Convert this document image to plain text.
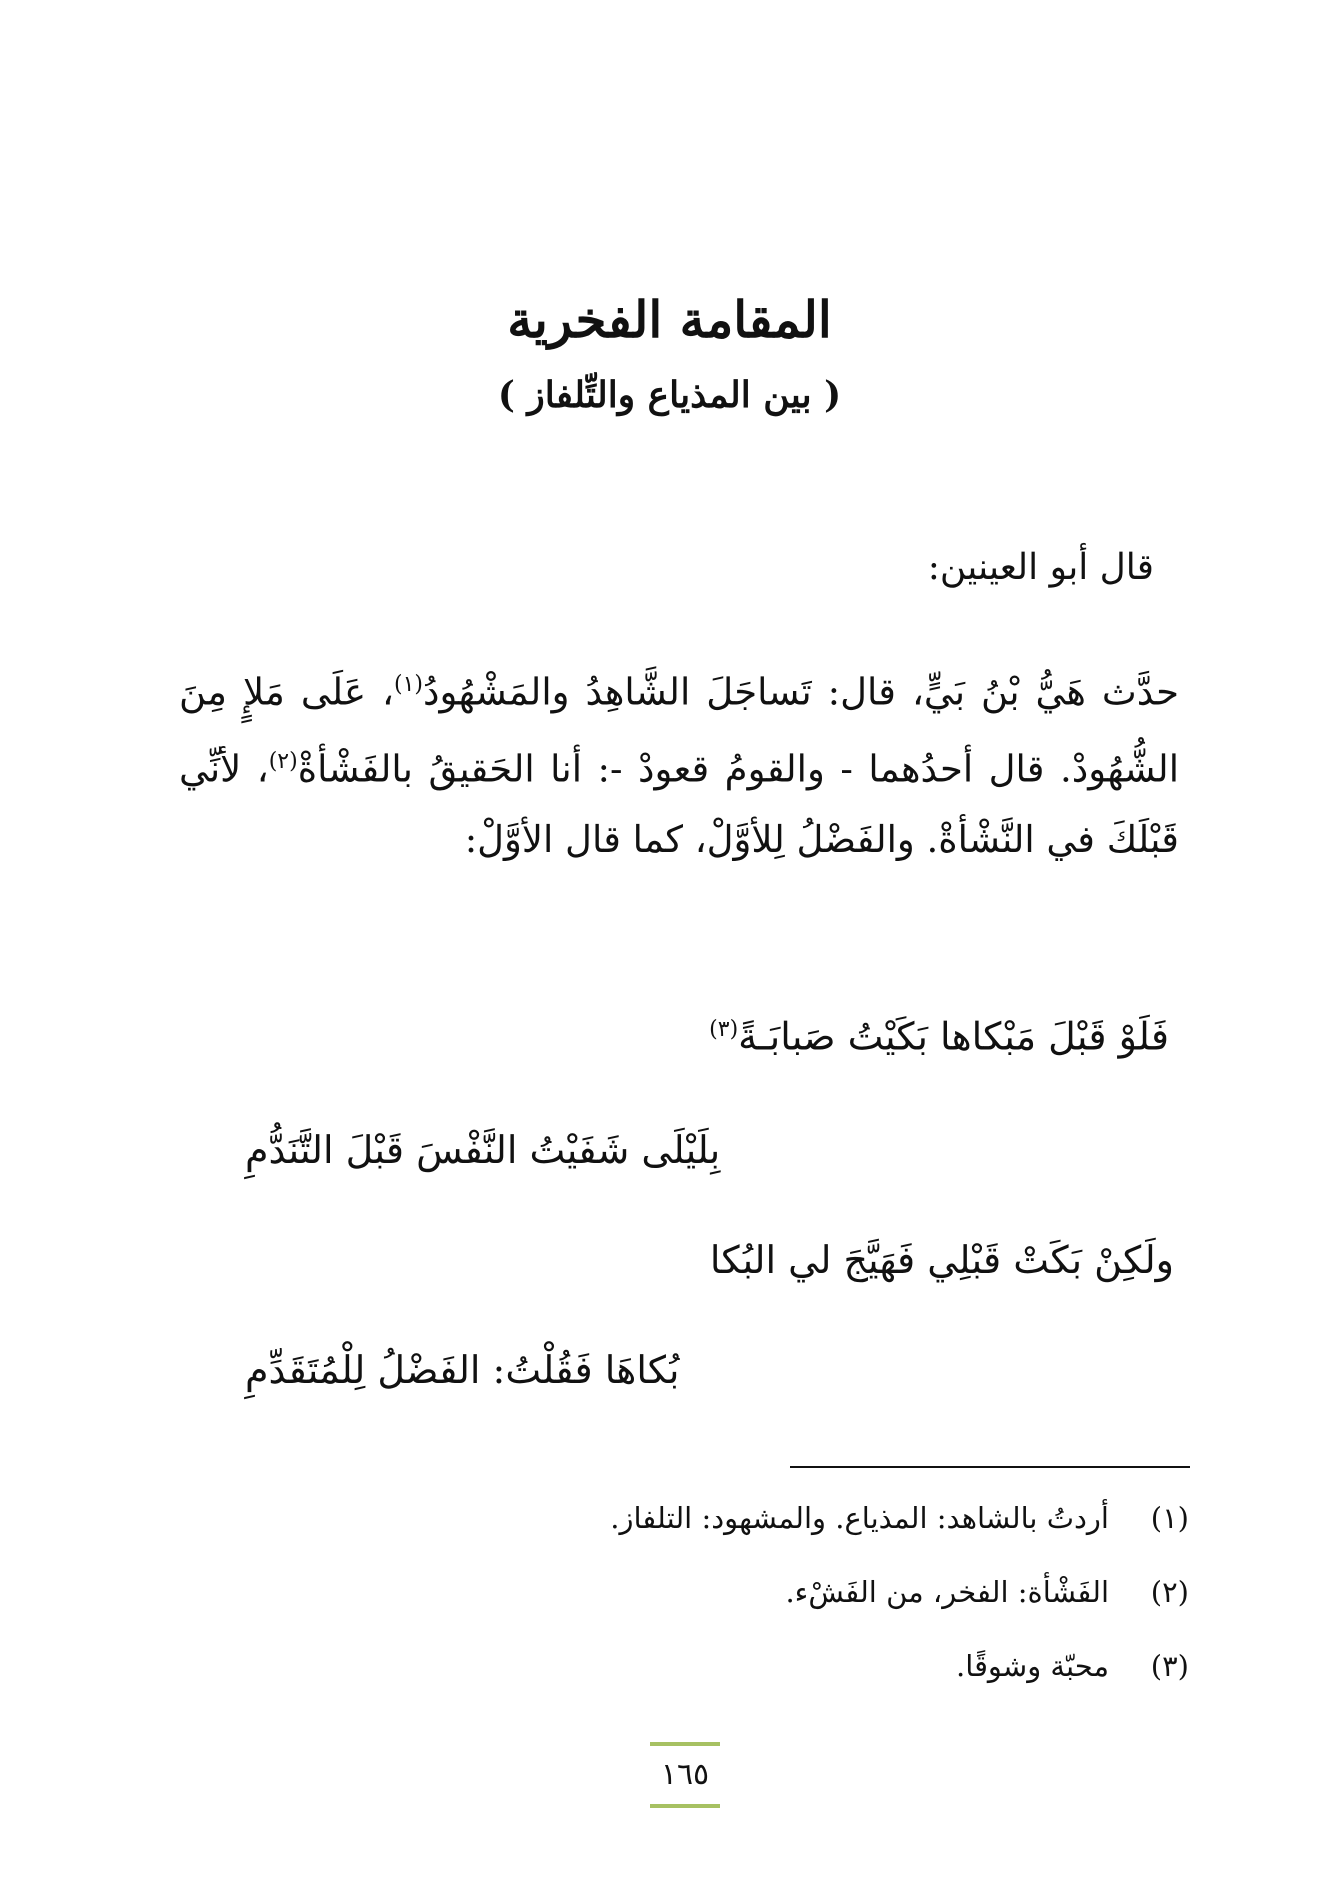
المقامة الفخرية
( بين المذياع والتِّلفاز )
قال أبو العينين:
حدَّث هَيُّ بْنُ بَيٍّ، قال: تَساجَلَ الشَّاهِدُ والمَشْهُودُ$^{(١)}$، عَلَى مَلإٍ مِنَ الشُّهُودْ. قال أحدُهما - والقومُ قعودْ -: أنا الحَقيقُ بالفَشْأةْ$^{(٢)}$، لأنِّي قَبْلَكَ في النَّشْأةْ. والفَضْلُ لِلأوَّلْ، كما قال الأوَّلْ:
فَلَوْ قَبْلَ مَبْكاها بَكَيْتُ صَبابَـةً$^{(٣)}$
بِلَيْلَى شَفَيْتُ النَّفْسَ قَبْلَ التَّنَدُّمِ
ولَكِنْ بَكَتْ قَبْلِي فَهَيَّجَ لي البُكا
بُكاهَا فَقُلْتُ: الفَضْلُ لِلْمُتَقَدِّمِ
(١)أردتُ بالشاهد: المذياع. والمشهود: التلفاز.
(٢)الفَشْأة: الفخر، من الفَشْء.
(٣)محبّة وشوقًا.
١٦٥
